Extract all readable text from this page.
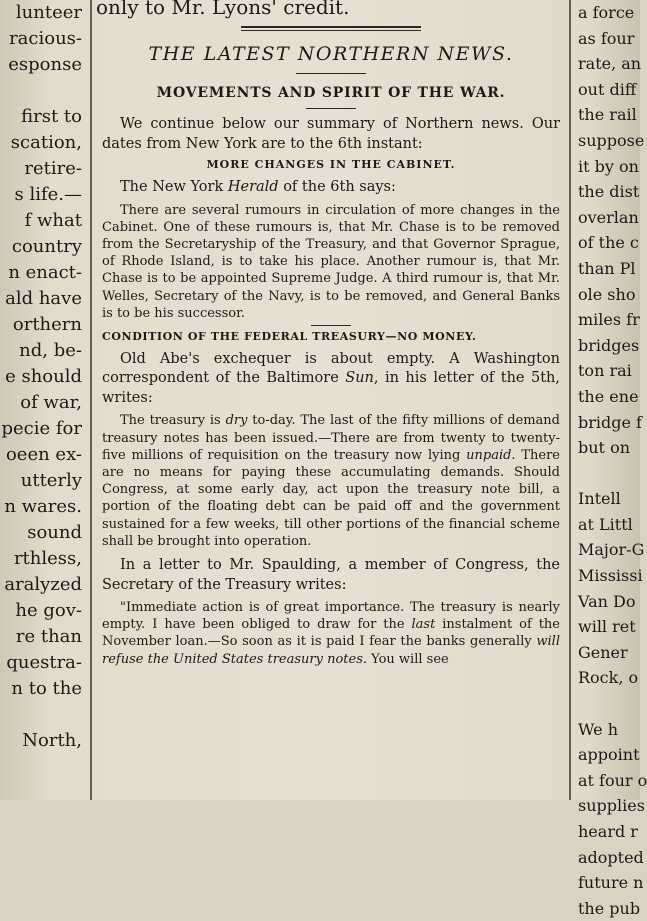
lunteer
racious-
esponse

first to
scation,
retire-
s life.—
f what
country
n enact-
ald have
orthern
nd, be-
e should
of war,
pecie for
oeen ex-
utterly
n wares.
sound
rthless,
aralyzed
he gov-
re than
questra-
n to the

North,
only to Mr. Lyons' credit.
THE LATEST NORTHERN NEWS.
MOVEMENTS AND SPIRIT OF THE WAR.
We continue below our summary of Northern news. Our dates from New York are to the 6th instant:
MORE CHANGES IN THE CABINET.
The New York Herald of the 6th says:
There are several rumours in circulation of more changes in the Cabinet. One of these rumours is, that Mr. Chase is to be removed from the Secretaryship of the Treasury, and that Governor Sprague, of Rhode Island, is to take his place. Another rumour is, that Mr. Chase is to be appointed Supreme Judge. A third rumour is, that Mr. Welles, Secretary of the Navy, is to be removed, and General Banks is to be his successor.
CONDITION OF THE FEDERAL TREASURY—NO MONEY.
Old Abe's exchequer is about empty. A Washington correspondent of the Baltimore Sun, in his letter of the 5th, writes:
The treasury is dry to-day. The last of the fifty millions of demand treasury notes has been issued.—There are from twenty to twenty-five millions of requisition on the treasury now lying unpaid. There are no means for paying these accumulating demands. Should Congress, at some early day, act upon the treasury note bill, a portion of the floating debt can be paid off and the government sustained for a few weeks, till other portions of the financial scheme shall be brought into operation.
In a letter to Mr. Spaulding, a member of Congress, the Secretary of the Treasury writes:
"Immediate action is of great importance. The treasury is nearly empty. I have been obliged to draw for the last instalment of the November loan.—So soon as it is paid I fear the banks generally will refuse the United States treasury notes. You will see
a force
as four
rate, an
out diff
the rail
suppose
it by on
the dist
overlan
of the c
than Pl
ole sho
miles fr
bridges
ton rai
the ene
bridge f
but on

Intell
at Littl
Major-G
Mississi
Van Do
will ret
Gener
Rock, o

We h
appoint
at four o
supplies
heard r
adopted
future n
the pub
